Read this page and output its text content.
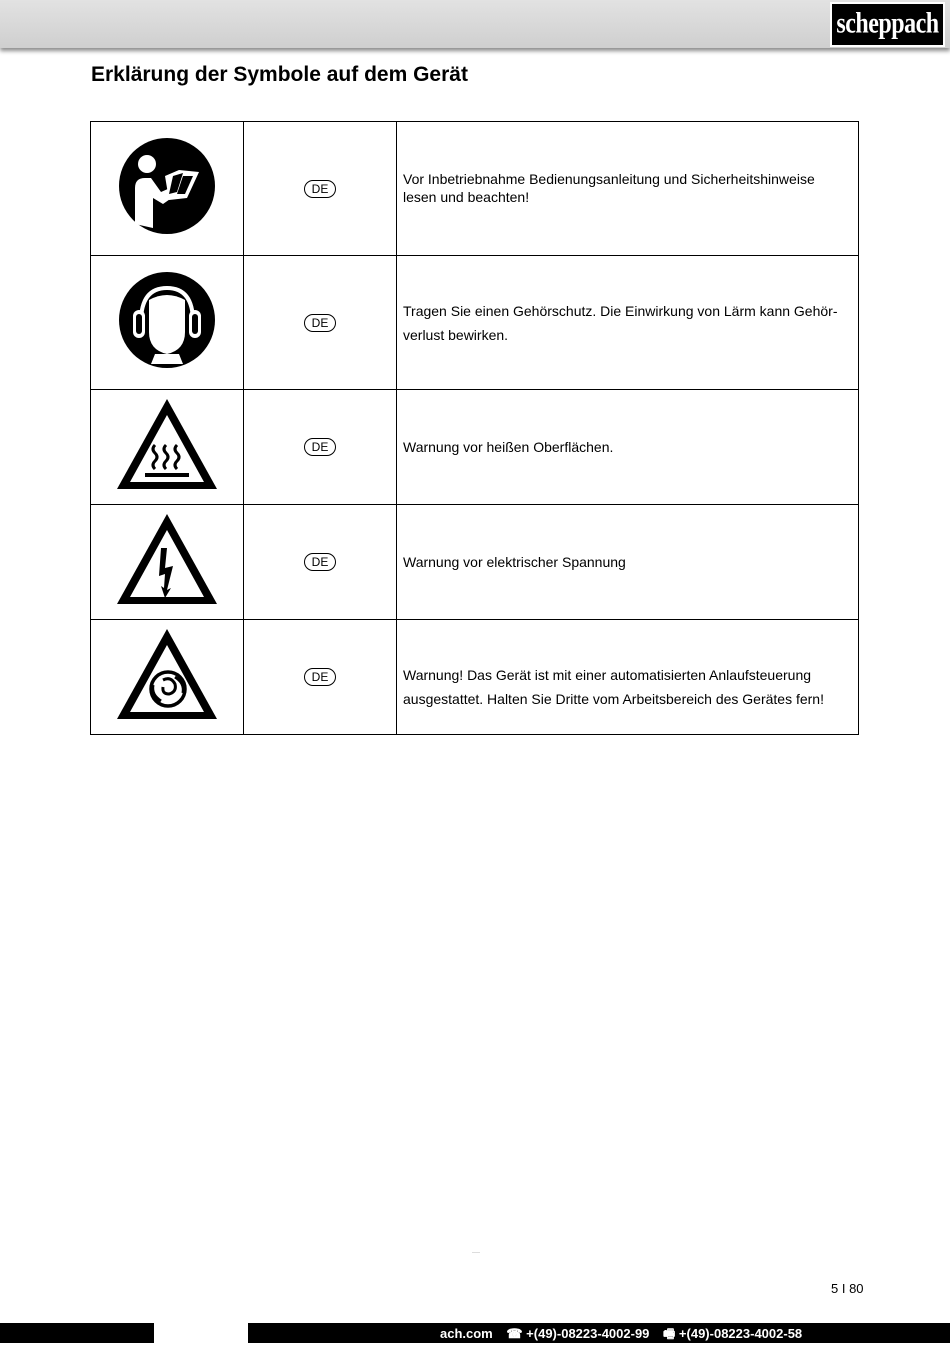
scheppach
Erklärung der Symbole auf dem Gerät
	DE	Vor Inbetriebnahme Bedienungsanleitung und Sicherheitshinweise lesen und beachten!

	DE	Tragen Sie einen Gehörschutz. Die Einwirkung von Lärm kann Gehör-verlust bewirken.

	DE	Warnung vor heißen Oberflächen.

	DE	Warnung vor elektrischer Spannung

	DE	Warnung! Das Gerät ist mit einer automatisierten Anlaufsteuerung ausgestattet. Halten Sie Dritte vom Arbeitsbereich des Gerätes fern!
5 I 80
ach.com ☎ +(49)-08223-4002-99 🖷 +(49)-08223-4002-58
